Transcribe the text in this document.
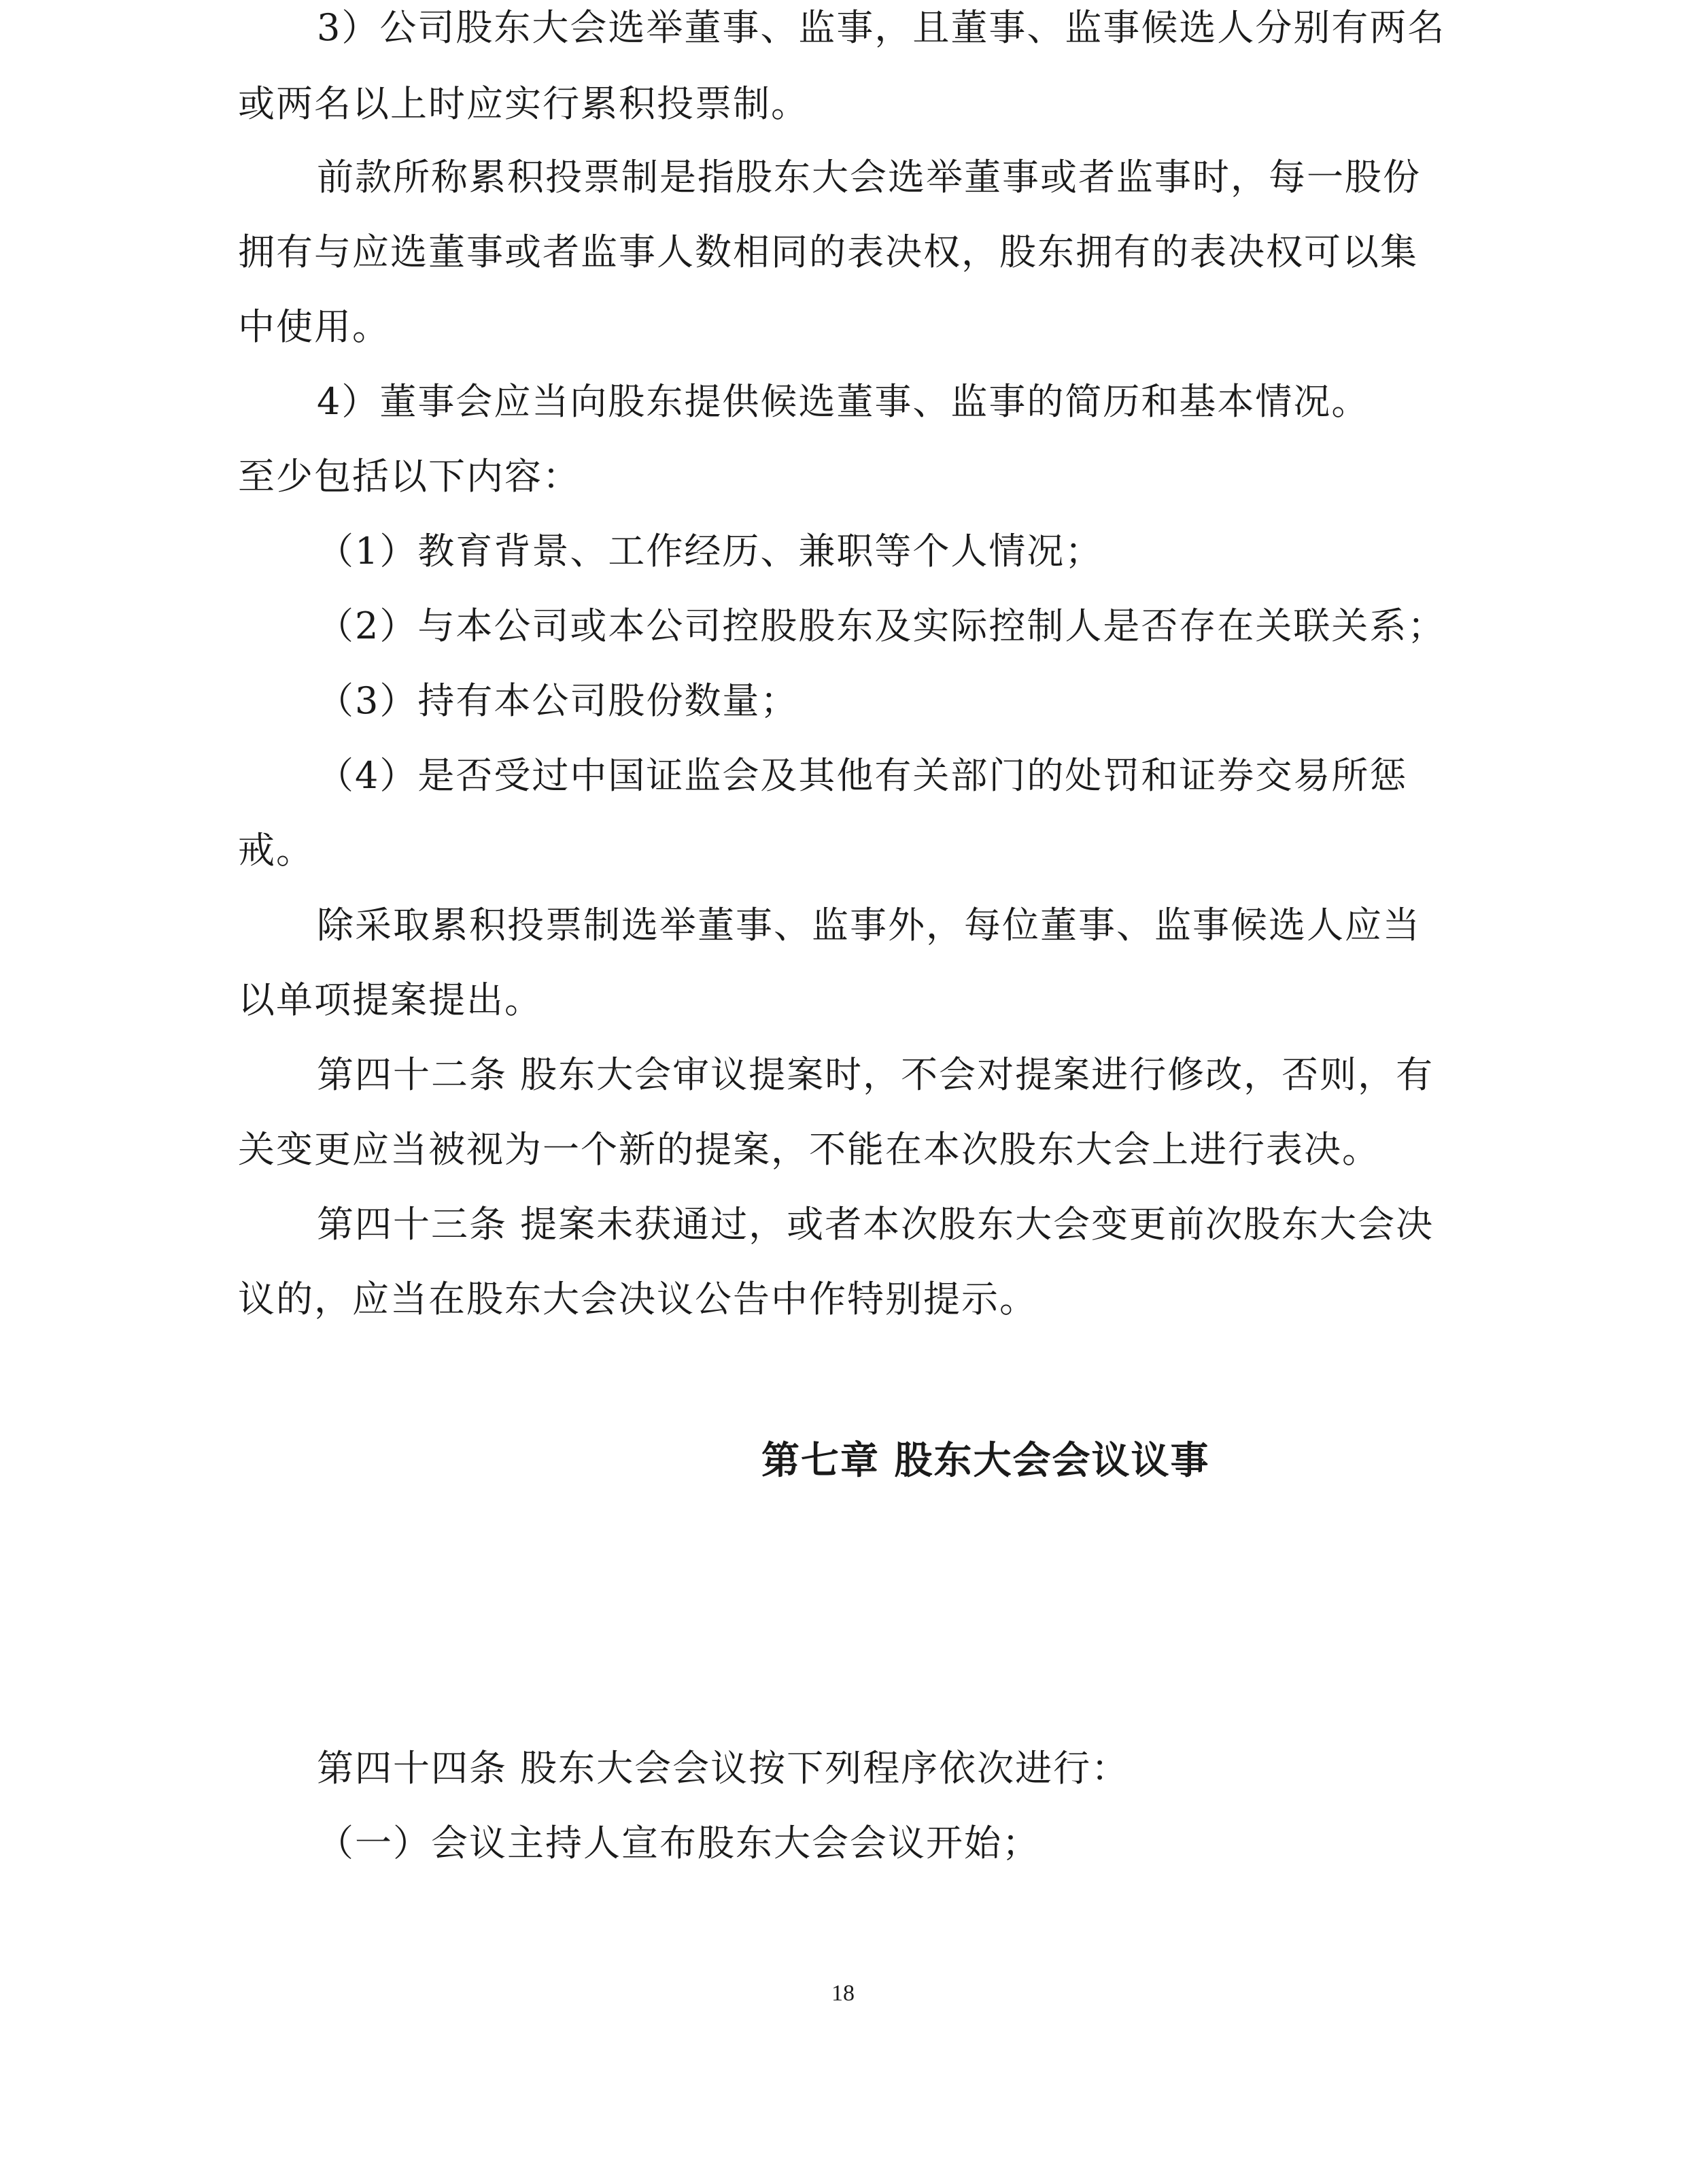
3）公司股东大会选举董事、监事，且董事、监事候选人分别有两名
或两名以上时应实行累积投票制。
前款所称累积投票制是指股东大会选举董事或者监事时，每一股份
拥有与应选董事或者监事人数相同的表决权，股东拥有的表决权可以集
中使用。
4）董事会应当向股东提供候选董事、监事的简历和基本情况。
至少包括以下内容：
（1）教育背景、工作经历、兼职等个人情况；
（2）与本公司或本公司控股股东及实际控制人是否存在关联关系；
（3）持有本公司股份数量；
（4）是否受过中国证监会及其他有关部门的处罚和证券交易所惩
戒。
除采取累积投票制选举董事、监事外，每位董事、监事候选人应当
以单项提案提出。
第四十二条 股东大会审议提案时，不会对提案进行修改，否则，有
关变更应当被视为一个新的提案，不能在本次股东大会上进行表决。
第四十三条 提案未获通过，或者本次股东大会变更前次股东大会决
议的，应当在股东大会决议公告中作特别提示。
第七章 股东大会会议议事
第四十四条 股东大会会议按下列程序依次进行：
（一）会议主持人宣布股东大会会议开始；
18
